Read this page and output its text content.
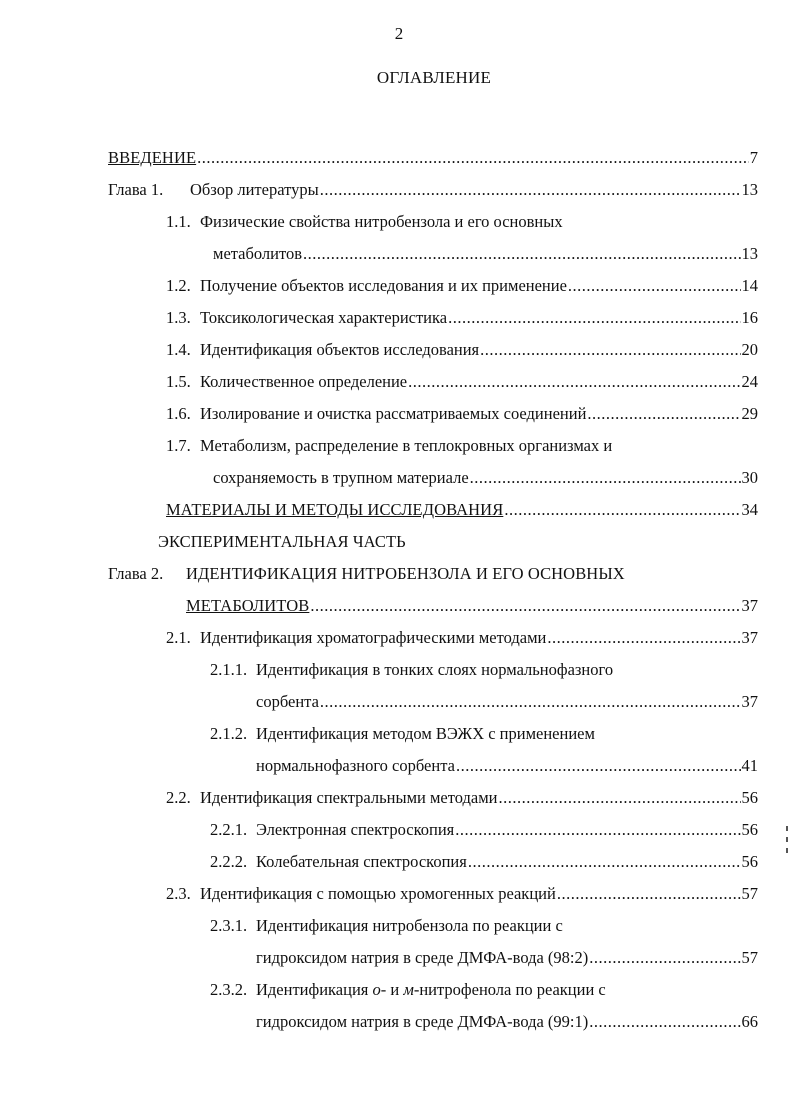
2
ОГЛАВЛЕНИЕ
ВВЕДЕНИЕ .....	7
Глава 1.	Обзор литературы .....	13
1.1. Физические свойства нитробензола и его основных
метаболитов .....	13
1.2. Получение объектов исследования и их применение .....	14
1.3. Токсикологическая характеристика .....	16
1.4. Идентификация объектов исследования .....	20
1.5. Количественное определение .....	24
1.6. Изолирование и очистка рассматриваемых соединений .....	29
1.7. Метаболизм, распределение в теплокровных организмах и
сохраняемость в трупном материале .....	30
МАТЕРИАЛЫ И МЕТОДЫ ИССЛЕДОВАНИЯ .....	34
ЭКСПЕРИМЕНТАЛЬНАЯ ЧАСТЬ
Глава 2.	ИДЕНТИФИКАЦИЯ НИТРОБЕНЗОЛА И ЕГО ОСНОВНЫХ
МЕТАБОЛИТОВ .....	37
2.1. Идентификация хроматографическими методами .....	37
2.1.1. Идентификация в тонких слоях нормальнофазного
сорбента .....	37
2.1.2. Идентификация методом ВЭЖХ с применением
нормальнофазного сорбента .....	41
2.2. Идентификация спектральными методами .....	56
2.2.1. Электронная спектроскопия .....	56
2.2.2. Колебательная спектроскопия .....	56
2.3. Идентификация с помощью хромогенных реакций .....	57
2.3.1. Идентификация нитробензола по реакции с
гидроксидом натрия в среде ДМФА-вода (98:2) .....	57
2.3.2. Идентификация о- и м-нитрофенола по реакции с
гидроксидом натрия в среде ДМФА-вода (99:1) .....	66
